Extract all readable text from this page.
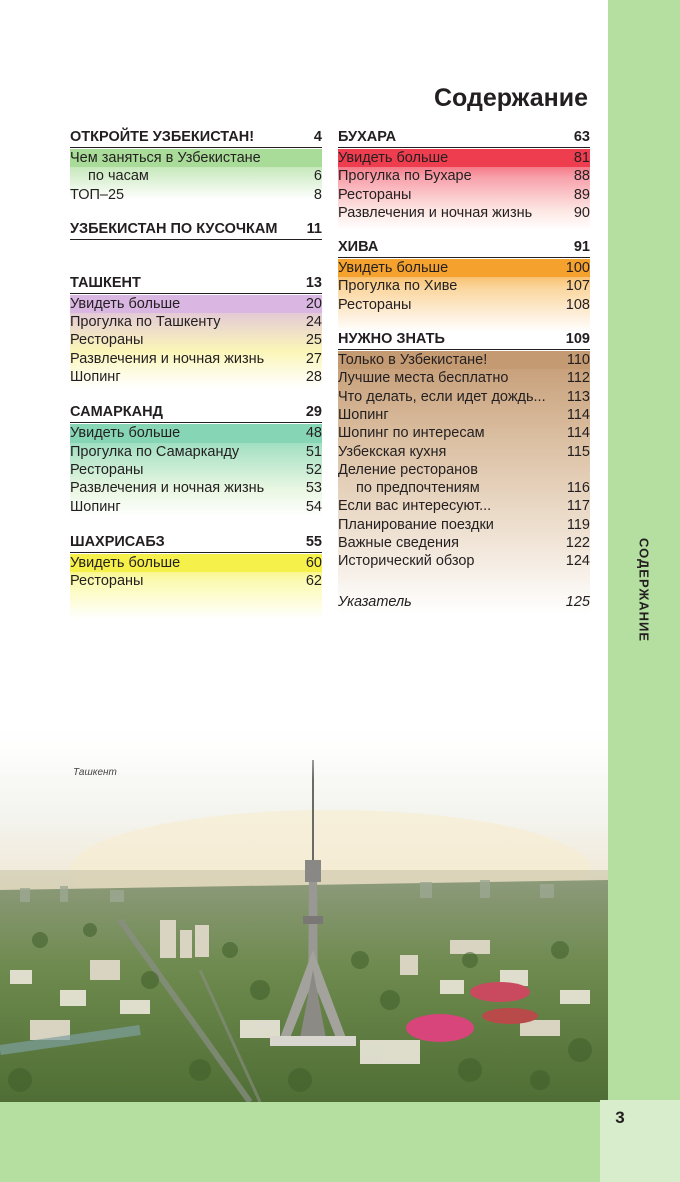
СОДЕРЖАНИЕ
Содержание
ОТКРОЙТЕ УЗБЕКИСТАН!	4
Чем заняться в Узбекистане
по часам	6
ТОП–25	8
УЗБЕКИСТАН ПО КУСОЧКАМ 11
ТАШКЕНТ	13
Увидеть больше	20
Прогулка по Ташкенту	24
Рестораны	25
Развлечения и ночная жизнь	27
Шопинг	28
САМАРКАНД	29
Увидеть больше	48
Прогулка по Самарканду	51
Рестораны	52
Развлечения и ночная жизнь	53
Шопинг	54
ШАХРИСАБЗ	55
Увидеть больше	60
Рестораны	62
БУХАРА	63
Увидеть больше	81
Прогулка по Бухаре	88
Рестораны	89
Развлечения и ночная жизнь	90
ХИВА	91
Увидеть больше	100
Прогулка по Хиве	107
Рестораны	108
НУЖНО ЗНАТЬ	109
Только в Узбекистане!	110
Лучшие места бесплатно	112
Что делать, если идет дождь... 113
Шопинг	114
Шопинг по интересам	114
Узбекская кухня	115
Деление ресторанов
по предпочтениям	116
Если вас интересуют...	117
Планирование поездки	119
Важные сведения	122
Исторический обзор	124
Указатель	125
Ташкент
3
